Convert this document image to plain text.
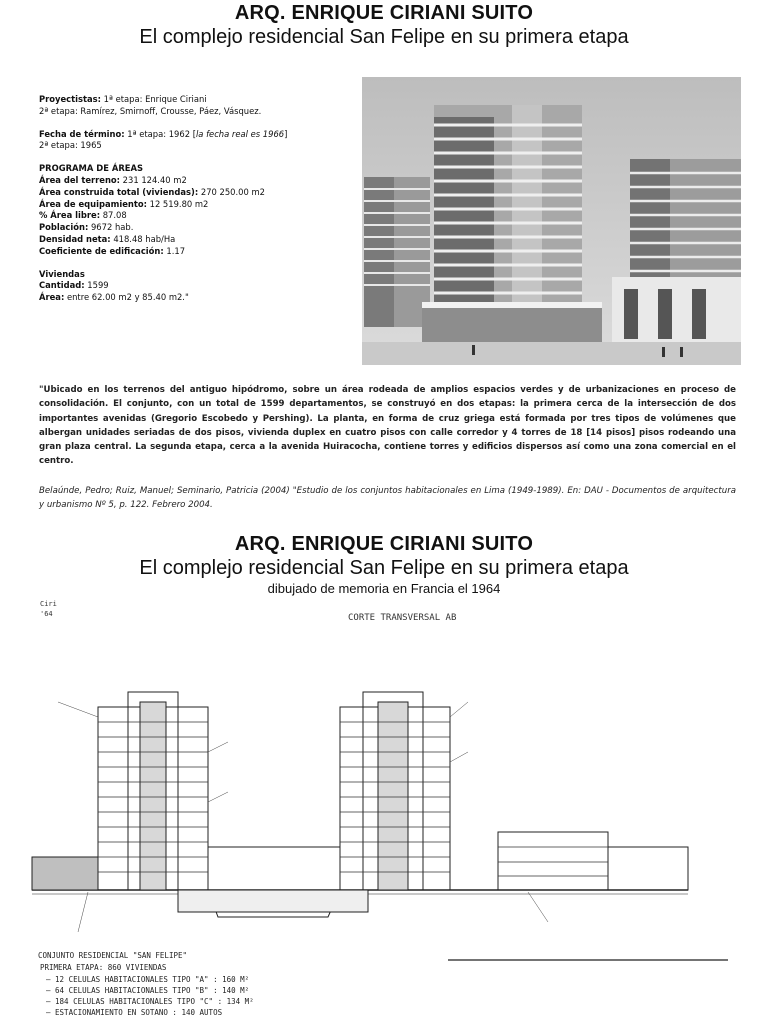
ARQ. ENRIQUE CIRIANI SUITO
El complejo residencial San Felipe en su primera etapa

Proyectistas: 1ª etapa: Enrique Ciriani

2ª etapa: Ramírez, Smirnoff, Crousse, Páez, Vásquez.

Fecha de término: 1ª etapa: 1962 [la fecha real es 1966]

2ª etapa: 1965

PROGRAMA DE ÁREAS

Área del terreno: 231 124.40 m2

Área construida total (viviendas): 270 250.00 m2

Área de equipamiento: 12 519.80 m2

% Área libre: 87.08

Población: 9672 hab.

Densidad neta: 418.48 hab/Ha

Coeficiente de edificación: 1.17

Viviendas

Cantidad: 1599

Área: entre 62.00 m2 y 85.40 m2."

"Ubicado en los terrenos del antiguo hipódromo, sobre un área rodeada de amplios espacios verdes y de urbanizaciones en proceso de consolidación. El conjunto, con un total de 1599 departamentos, se construyó en dos etapas: la primera cerca de la intersección de dos importantes avenidas (Gregorio Escobedo y Pershing). La planta, en forma de cruz griega está formada por tres tipos de volúmenes que albergan unidades seriadas de dos pisos, vivienda duplex en cuatro pisos con calle corredor y 4 torres de 18 [14 pisos] pisos rodeando una gran plaza central. La segunda etapa, cerca a la avenida Huiracocha, contiene torres y edificios dispersos así como una zona comercial en el centro.

Belaúnde, Pedro; Ruiz, Manuel; Seminario, Patricia (2004) "Estudio de los conjuntos habitacionales en Lima (1949-1989). En: DAU - Documentos de arquitectura y urbanismo Nº 5, p. 122. Febrero 2004.

ARQ. ENRIQUE CIRIANI SUITO
El complejo residencial San Felipe en su primera etapa
dibujado de memoria en Francia el 1964
Ciri
'64	CORTE TRANSVERSAL AB
CONJUNTO RESIDENCIAL "SAN FELIPE"
PRIMERA ETAPA: 860 VIVIENDAS
— 12 CELULAS HABITACIONALES TIPO "A" : 160 M²
— 64 CELULAS HABITACIONALES TIPO "B" : 140 M²
— 184 CELULAS HABITACIONALES TIPO "C" : 134 M²
— ESTACIONAMIENTO EN SOTANO : 140 AUTOS
